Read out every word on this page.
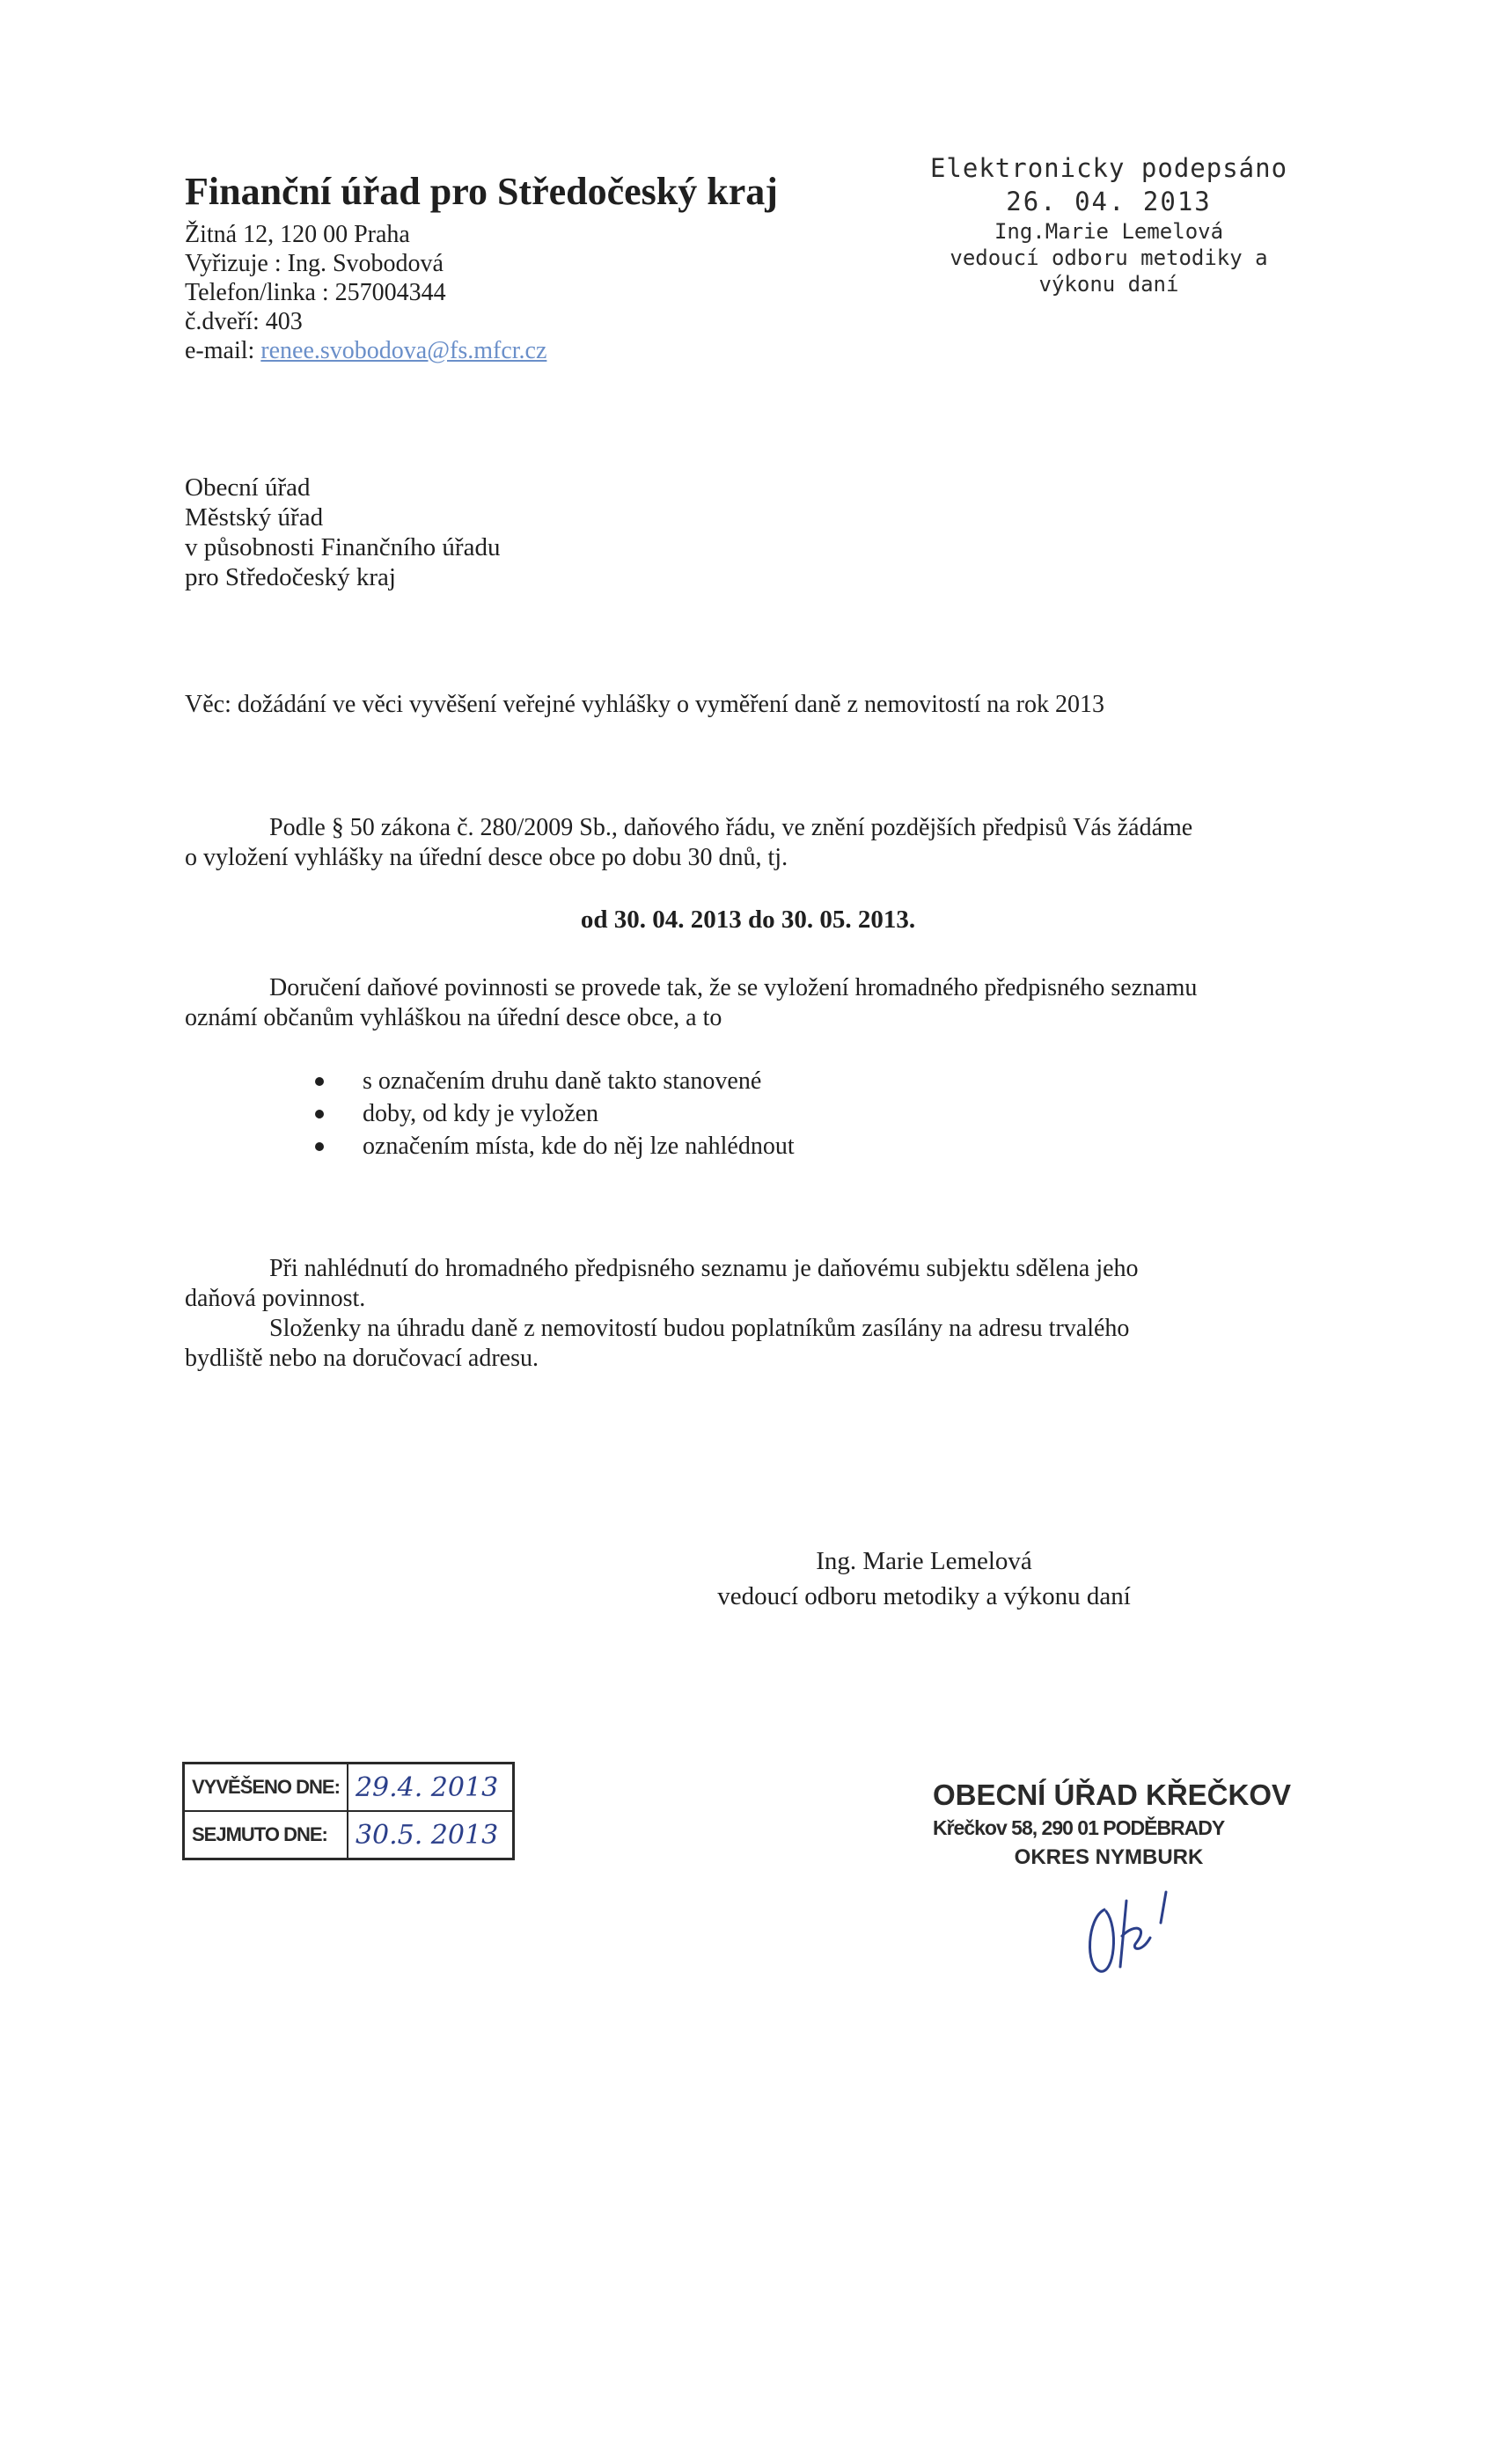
Finanční úřad pro Středočeský kraj
Žitná 12, 120 00 Praha
Vyřizuje : Ing. Svobodová
Telefon/linka : 257004344
č.dveří: 403
e-mail: renee.svobodova@fs.mfcr.cz
Elektronicky podepsáno
26. 04. 2013
Ing.Marie Lemelová
vedoucí odboru metodiky a
výkonu daní
Obecní úřad
Městský úřad
v působnosti Finančního úřadu
pro Středočeský kraj
Věc: dožádání ve věci vyvěšení veřejné vyhlášky o vyměření daně z nemovitostí na rok 2013
Podle § 50 zákona č. 280/2009 Sb., daňového řádu, ve znění pozdějších předpisů Vás žádáme
o vyložení vyhlášky na úřední desce obce po dobu 30 dnů, tj.
od 30. 04. 2013 do 30. 05. 2013.
Doručení daňové povinnosti se provede tak, že se vyložení hromadného předpisného seznamu
oznámí občanům vyhláškou na úřední desce obce, a to
s označením druhu daně takto stanovené
doby, od kdy je vyložen
označením místa, kde do něj lze nahlédnout
Při nahlédnutí do hromadného předpisného seznamu je daňovému subjektu sdělena jeho
daňová povinnost.
Složenky na úhradu daně z nemovitostí budou poplatníkům zasílány na adresu trvalého
bydliště nebo na doručovací adresu.
Ing. Marie Lemelová
vedoucí odboru metodiky a výkonu daní
VYVĚŠENO DNE:	29.4. 2013
SEJMUTO DNE:	30.5. 2013
OBECNÍ ÚŘAD KŘEČKOV
Křečkov 58, 290 01 PODĚBRADY
OKRES NYMBURK
